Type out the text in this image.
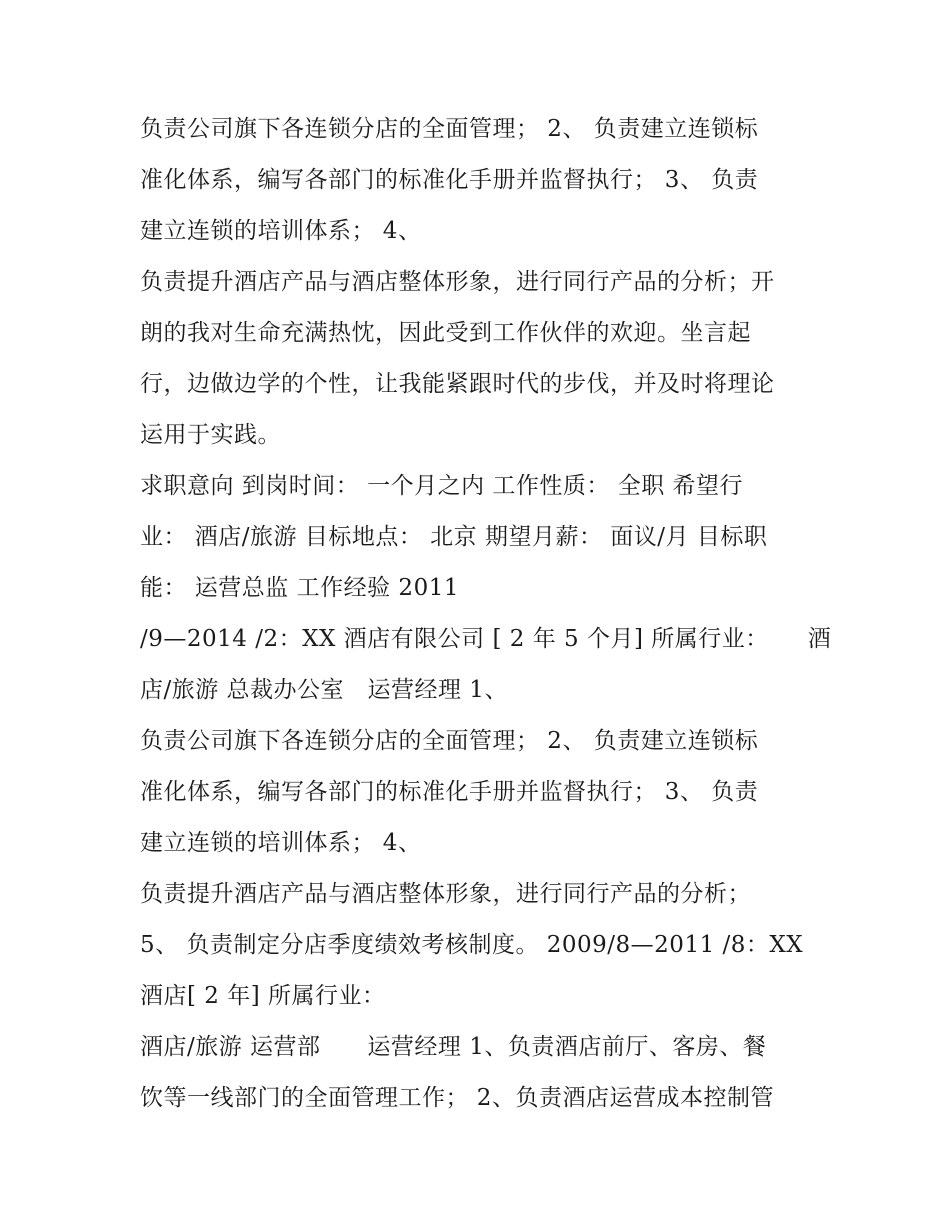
负责公司旗下各连锁分店的全面管理； 2、 负责建立连锁标
准化体系，编写各部门的标准化手册并监督执行； 3、 负责
建立连锁的培训体系； 4、
负责提升酒店产品与酒店整体形象，进行同行产品的分析；开
朗的我对生命充满热忱，因此受到工作伙伴的欢迎。坐言起
行，边做边学的个性，让我能紧跟时代的步伐，并及时将理论
运用于实践。
求职意向 到岗时间： 一个月之内 工作性质： 全职 希望行
业： 酒店/旅游 目标地点： 北京 期望月薪： 面议/月 目标职
能： 运营总监 工作经验 2011
/9—2014 /2：XX 酒店有限公司 [ 2 年 5 个月] 所属行业：     酒
店/旅游 总裁办公室   运营经理 1、
负责公司旗下各连锁分店的全面管理； 2、 负责建立连锁标
准化体系，编写各部门的标准化手册并监督执行； 3、 负责
建立连锁的培训体系； 4、
负责提升酒店产品与酒店整体形象，进行同行产品的分析；
5、 负责制定分店季度绩效考核制度。 2009/8—2011 /8：XX
酒店[ 2 年] 所属行业：
酒店/旅游 运营部      运营经理 1、负责酒店前厅、客房、餐
饮等一线部门的全面管理工作； 2、负责酒店运营成本控制管
